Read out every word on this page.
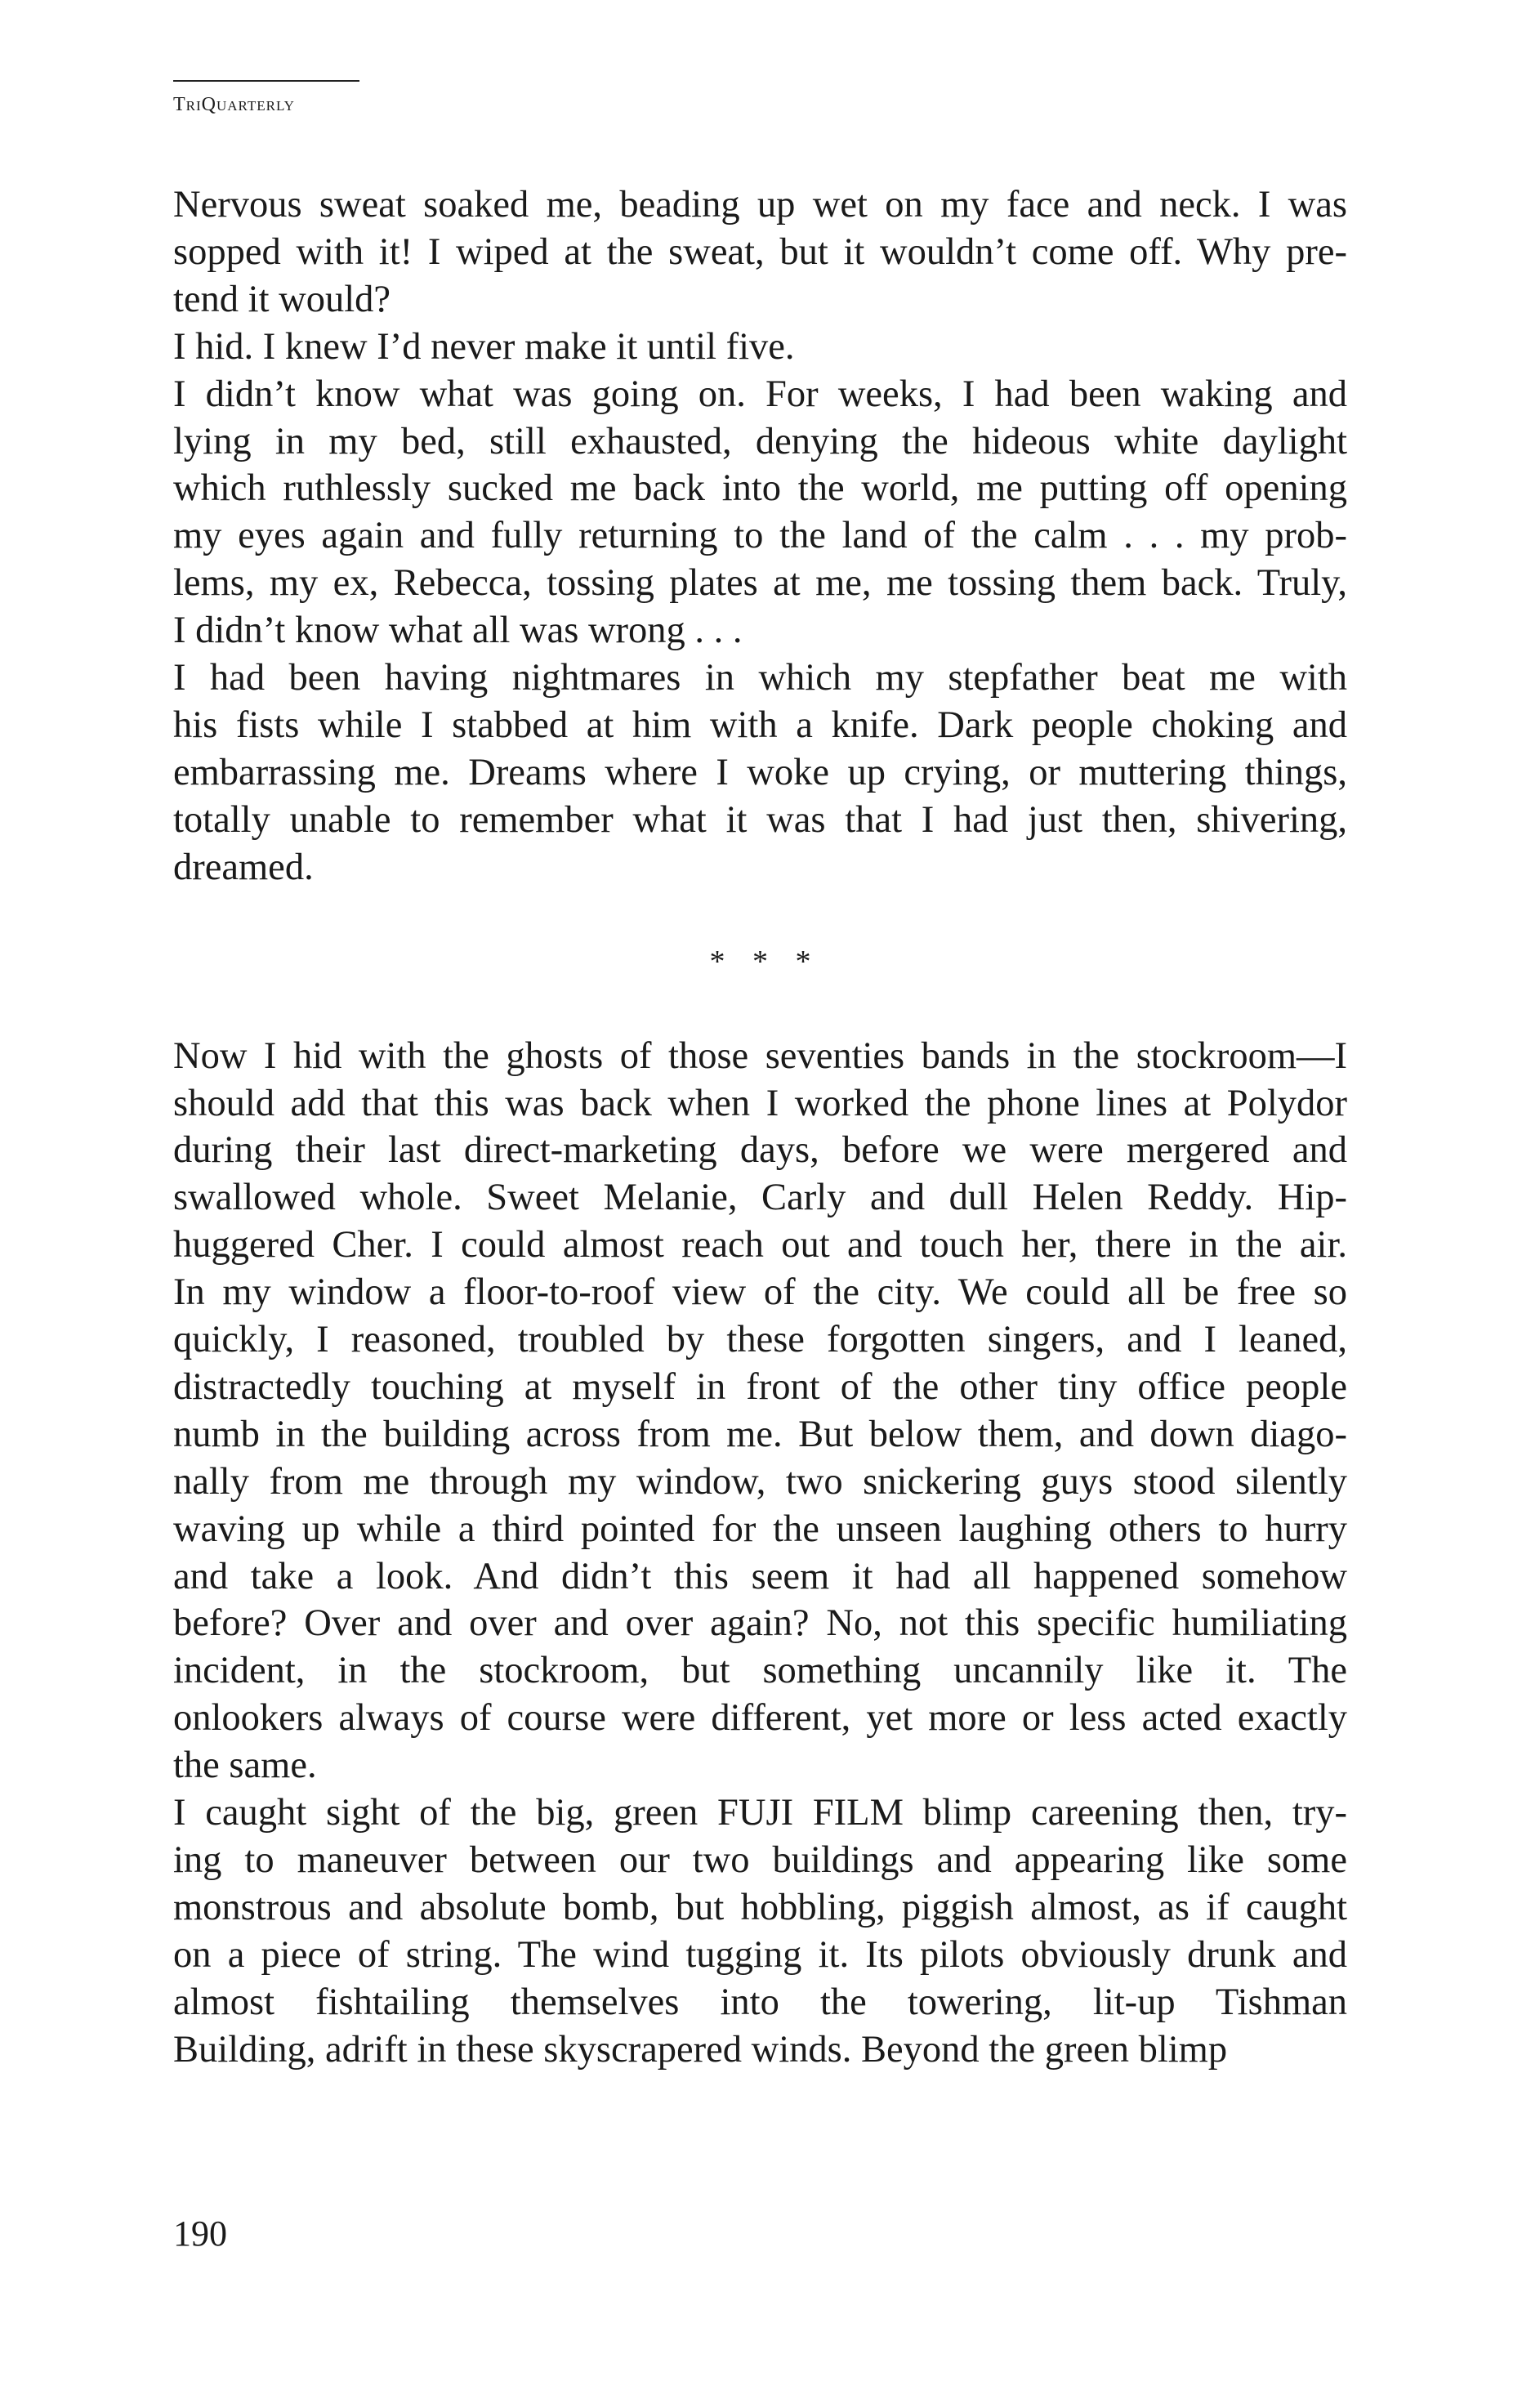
TriQuarterly
Nervous sweat soaked me, beading up wet on my face and neck. I was
sopped with it! I wiped at the sweat, but it wouldn’t come off. Why pre-
tend it would?
I hid. I knew I’d never make it until five.
I didn’t know what was going on. For weeks, I had been waking and
lying in my bed, still exhausted, denying the hideous white daylight
which ruthlessly sucked me back into the world, me putting off opening
my eyes again and fully returning to the land of the calm . . . my prob-
lems, my ex, Rebecca, tossing plates at me, me tossing them back. Truly,
I didn’t know what all was wrong . . .
I had been having nightmares in which my stepfather beat me with
his fists while I stabbed at him with a knife. Dark people choking and
embarrassing me. Dreams where I woke up crying, or muttering things,
totally unable to remember what it was that I had just then, shivering,
dreamed.
* * *
Now I hid with the ghosts of those seventies bands in the stockroom—I
should add that this was back when I worked the phone lines at Polydor
during their last direct-marketing days, before we were mergered and
swallowed whole. Sweet Melanie, Carly and dull Helen Reddy. Hip-
huggered Cher. I could almost reach out and touch her, there in the air.
In my window a floor-to-roof view of the city. We could all be free so
quickly, I reasoned, troubled by these forgotten singers, and I leaned,
distractedly touching at myself in front of the other tiny office people
numb in the building across from me. But below them, and down diago-
nally from me through my window, two snickering guys stood silently
waving up while a third pointed for the unseen laughing others to hurry
and take a look. And didn’t this seem it had all happened somehow
before? Over and over and over again? No, not this specific humiliating
incident, in the stockroom, but something uncannily like it. The
onlookers always of course were different, yet more or less acted exactly
the same.
I caught sight of the big, green FUJI FILM blimp careening then, try-
ing to maneuver between our two buildings and appearing like some
monstrous and absolute bomb, but hobbling, piggish almost, as if caught
on a piece of string. The wind tugging it. Its pilots obviously drunk and
almost fishtailing themselves into the towering, lit-up Tishman
Building, adrift in these skyscrapered winds. Beyond the green blimp
190
